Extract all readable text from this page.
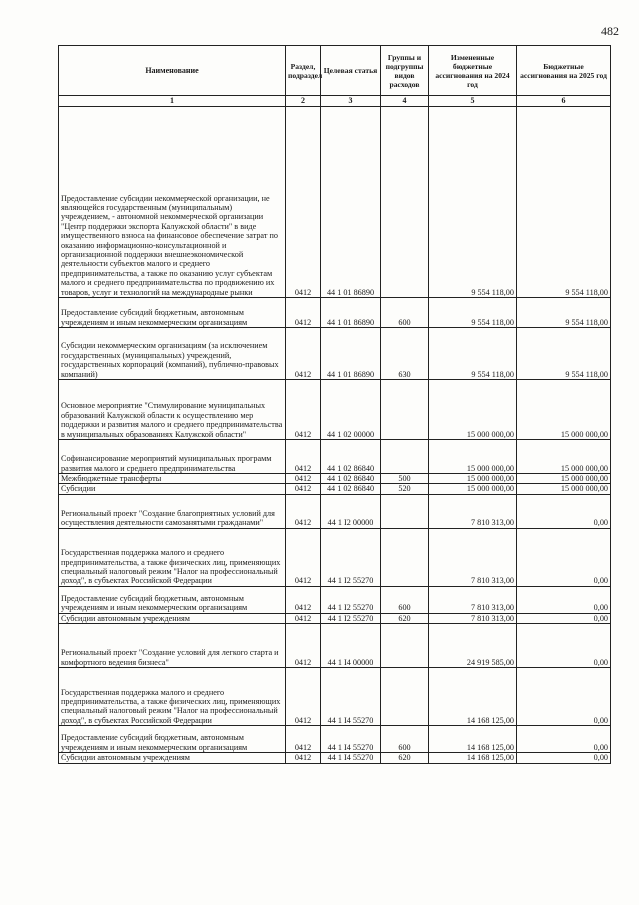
482
Наименование	Раздел, подраздел	Целевая статья	Группы и подгруппы видов расходов	Измененные бюджетные ассигнования на 2024 год	Бюджетные ассигнования на 2025 год
1	2	3	4	5	6
Предоставление субсидии некоммерческой организации, не являющейся государственным (муниципальным) учреждением, - автономной некоммерческой организации "Центр поддержки экспорта Калужской области" в виде имущественного взноса на финансовое обеспечение затрат по оказанию информационно-консультационной и организационной поддержки внешнеэкономической деятельности субъектов малого и среднего предпринимательства, а также по оказанию услуг субъектам малого и среднего предпринимательства по продвижению их товаров, услуг и технологий на международные рынки	0412	44 1 01 86890		9 554 118,00	9 554 118,00
Предоставление субсидий бюджетным, автономным учреждениям и иным некоммерческим организациям	0412	44 1 01 86890	600	9 554 118,00	9 554 118,00
Субсидии некоммерческим организациям (за исключением государственных (муниципальных) учреждений, государственных корпораций (компаний), публично-правовых компаний)	0412	44 1 01 86890	630	9 554 118,00	9 554 118,00
Основное мероприятие "Стимулирование муниципальных образований Калужской области к осуществлению мер поддержки и развития малого и среднего предпринимательства в муниципальных образованиях Калужской области"	0412	44 1 02 00000		15 000 000,00	15 000 000,00
Софинансирование мероприятий муниципальных программ развития малого и среднего предпринимательства	0412	44 1 02 86840		15 000 000,00	15 000 000,00
Межбюджетные трансферты	0412	44 1 02 86840	500	15 000 000,00	15 000 000,00
Субсидии	0412	44 1 02 86840	520	15 000 000,00	15 000 000,00
Региональный проект "Создание благоприятных условий для осуществления деятельности самозанятыми гражданами"	0412	44 1 I2 00000		7 810 313,00	0,00
Государственная поддержка малого и среднего предпринимательства, а также физических лиц, применяющих специальный налоговый режим "Налог на профессиональный доход", в субъектах Российской Федерации	0412	44 1 I2 55270		7 810 313,00	0,00
Предоставление субсидий бюджетным, автономным учреждениям и иным некоммерческим организациям	0412	44 1 I2 55270	600	7 810 313,00	0,00
Субсидии автономным учреждениям	0412	44 1 I2 55270	620	7 810 313,00	0,00
Региональный проект "Создание условий для легкого старта и комфортного ведения бизнеса"	0412	44 1 I4 00000		24 919 585,00	0,00
Государственная поддержка малого и среднего предпринимательства, а также физических лиц, применяющих специальный налоговый режим "Налог на профессиональный доход", в субъектах Российской Федерации	0412	44 1 I4 55270		14 168 125,00	0,00
Предоставление субсидий бюджетным, автономным учреждениям и иным некоммерческим организациям	0412	44 1 I4 55270	600	14 168 125,00	0,00
Субсидии автономным учреждениям	0412	44 1 I4 55270	620	14 168 125,00	0,00
